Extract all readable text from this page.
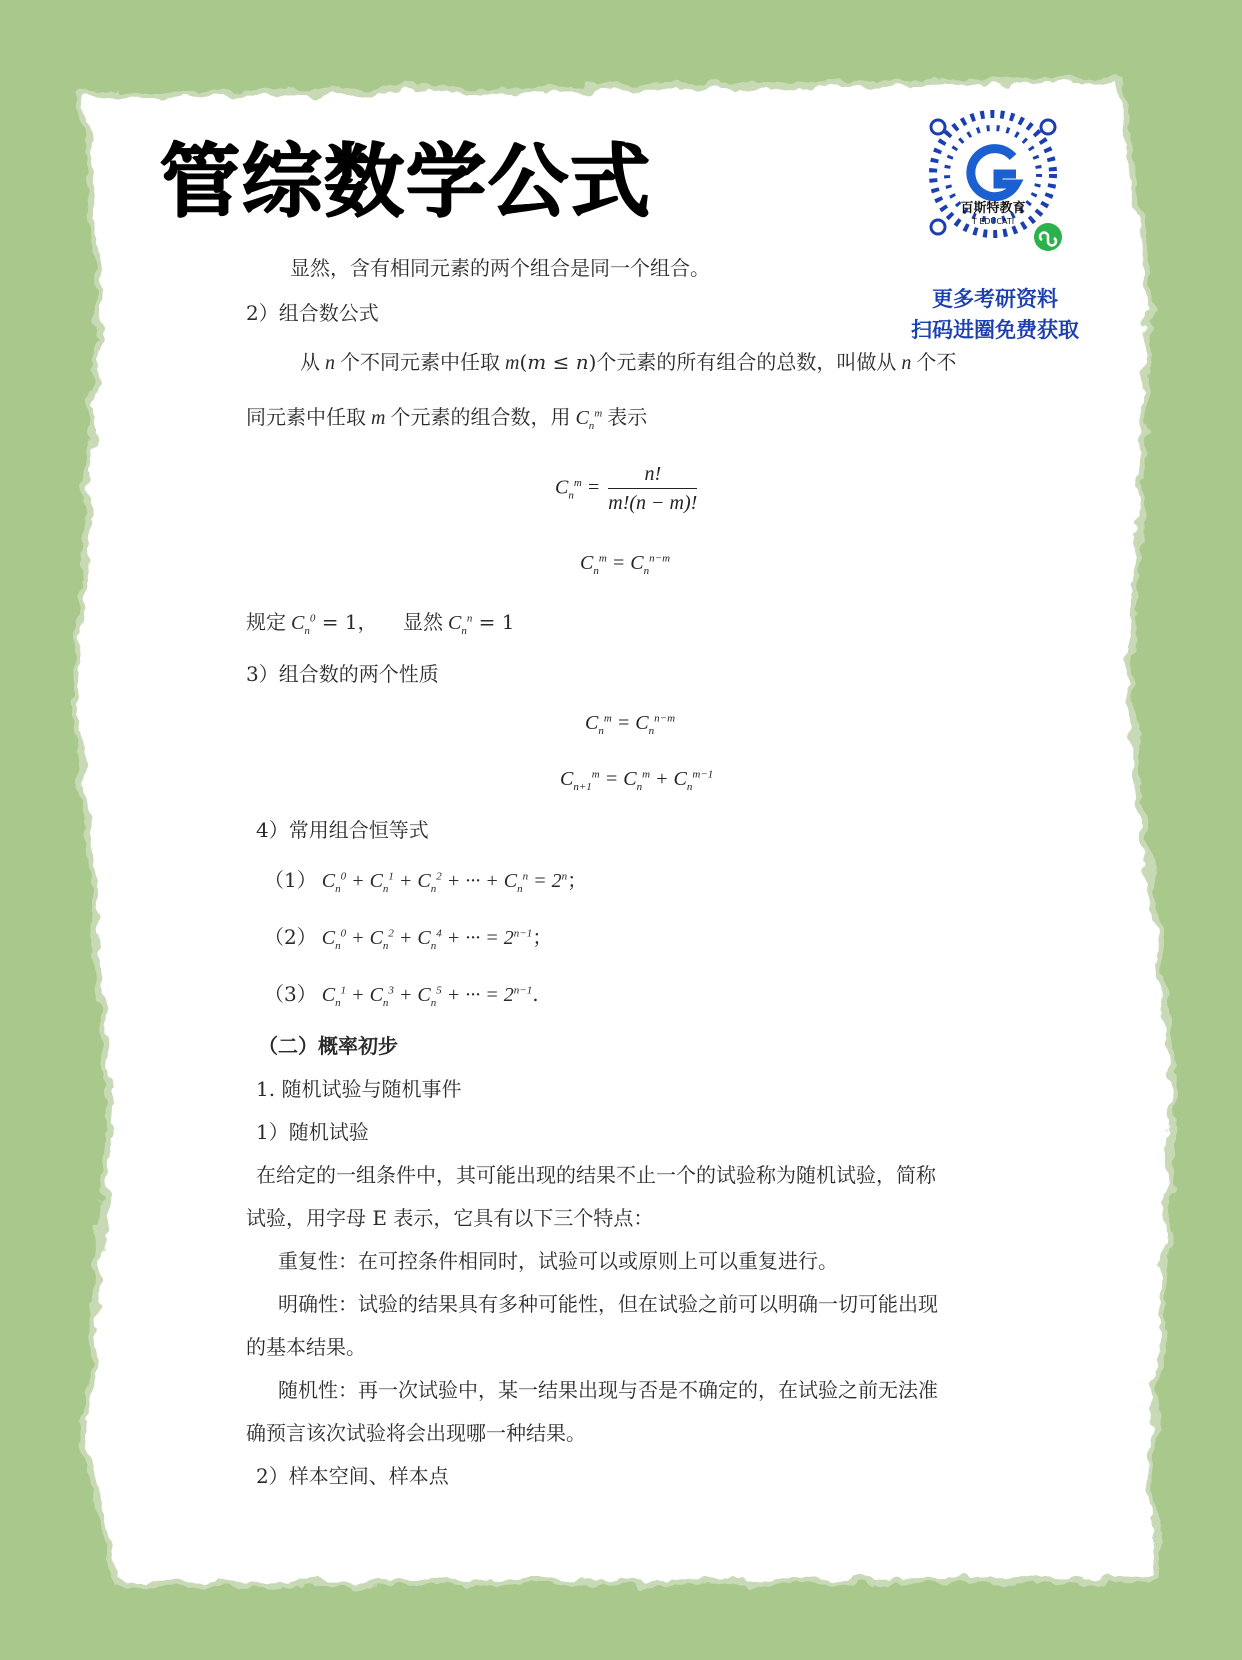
管综数学公式	百斯特教育
T EDUCATI
更多考研资料
扫码进圈免费获取
显然，含有相同元素的两个组合是同一个组合。
2）组合数公式
从 n 个不同元素中任取 m(m ≤ n)个元素的所有组合的总数，叫做从 n 个不
同元素中任取 m 个元素的组合数，用 $C_n^m$ 表示
$C_n^m = \frac{n!}{m!(n - m)!}$
$C_n^m = C_n^{n-m}$
规定 $C_n^0 = 1$，    显然 $C_n^n = 1$
3）组合数的两个性质
$C_n^m = C_n^{n-m}$
$C_{n+1}^m = C_n^m + C_n^{m-1}$
4）常用组合恒等式
（1） $C_n^0 + C_n^1 + C_n^2$ + ··· + $C_n^n = 2^n$；
（2） $C_n^0 + C_n^2 + C_n^4$ + ··· = $2^{n-1}$；
（3） $C_n^1 + C_n^3 + C_n^5$ + ··· = $2^{n-1}$.
（二）概率初步
1. 随机试验与随机事件
1）随机试验
在给定的一组条件中，其可能出现的结果不止一个的试验称为随机试验，简称
试验，用字母 E 表示，它具有以下三个特点：
重复性：在可控条件相同时，试验可以或原则上可以重复进行。
明确性：试验的结果具有多种可能性，但在试验之前可以明确一切可能出现
的基本结果。
随机性：再一次试验中，某一结果出现与否是不确定的，在试验之前无法准
确预言该次试验将会出现哪一种结果。
2）样本空间、样本点
